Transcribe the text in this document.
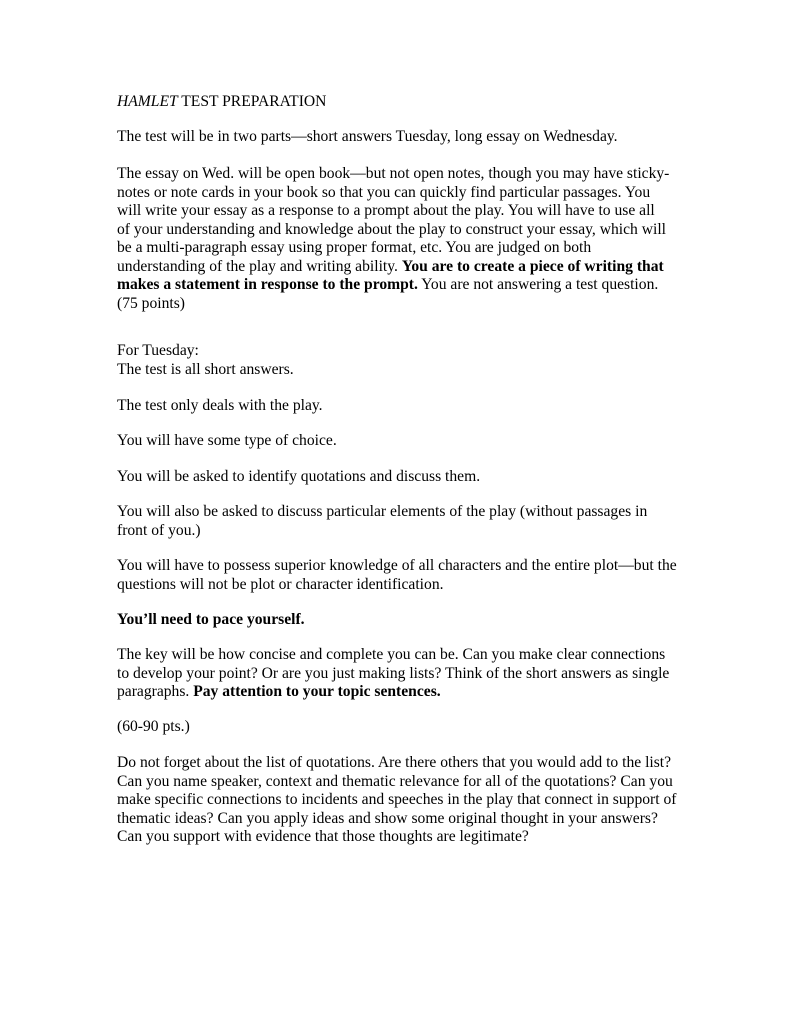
HAMLET TEST PREPARATION

The test will be in two parts—short answers Tuesday, long essay on Wednesday.

The essay on Wed. will be open book—but not open notes, though you may have sticky-
notes or note cards in your book so that you can quickly find particular passages. You
will write your essay as a response to a prompt about the play. You will have to use all
of your understanding and knowledge about the play to construct your essay, which will
be a multi-paragraph essay using proper format, etc. You are judged on both
understanding of the play and writing ability. You are to create a piece of writing that
makes a statement in response to the prompt. You are not answering a test question.
(75 points)

For Tuesday:
The test is all short answers.

The test only deals with the play.

You will have some type of choice.

You will be asked to identify quotations and discuss them.

You will also be asked to discuss particular elements of the play (without passages in
front of you.)

You will have to possess superior knowledge of all characters and the entire plot—but the
questions will not be plot or character identification.

You’ll need to pace yourself.

The key will be how concise and complete you can be. Can you make clear connections
to develop your point? Or are you just making lists? Think of the short answers as single
paragraphs. Pay attention to your topic sentences.

(60-90 pts.)

Do not forget about the list of quotations. Are there others that you would add to the list?
Can you name speaker, context and thematic relevance for all of the quotations? Can you
make specific connections to incidents and speeches in the play that connect in support of
thematic ideas? Can you apply ideas and show some original thought in your answers?
Can you support with evidence that those thoughts are legitimate?
